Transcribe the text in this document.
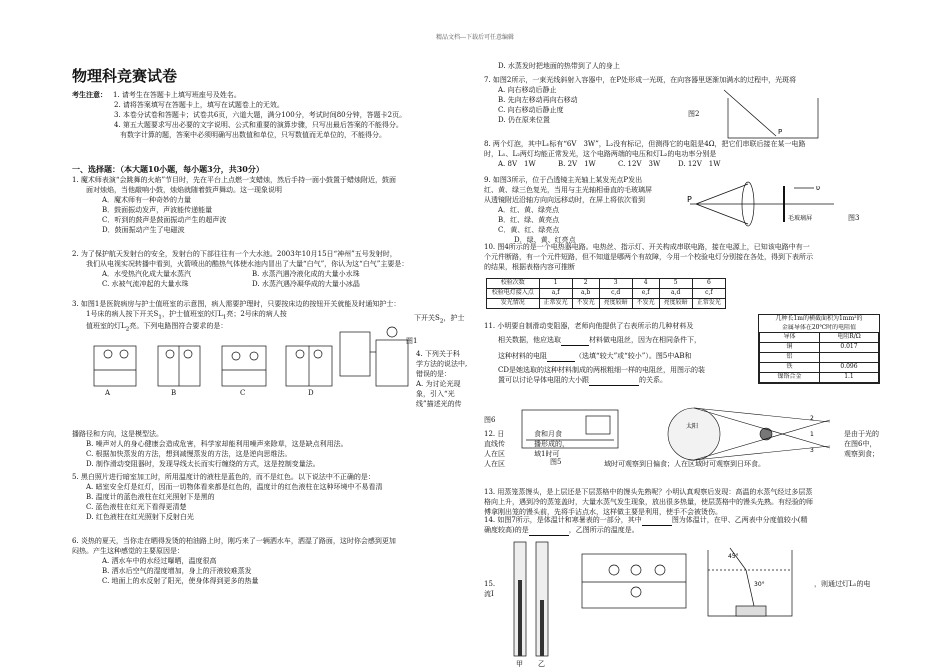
精品文档---下载后可任意编辑
物理科竞赛试卷
考生注意： 1. 请考生在答题卡上填写班座号及姓名。
2. 请将答案填写在答题卡上，填写在试题卷上的无效。
3. 本卷分试卷和答题卡；试卷共6页，六道大题，满分100分，考试时间80分钟，答题卡2页。
4. 第五大题要求写出必要的文字说明、公式和重要的演算步骤，只写出最后答案的不能得分。
有数字计算的题，答案中必须明确写出数值和单位，只写数值而无单位的，不能得分。
一、选择题：（本大题10小题，每小题3分，共30分）
1. 魔术师表演“会跳舞的火焰”节目时，先在平台上点燃一支蜡烛，然后手持一面小鼓置于蜡烛附近，鼓面
面对烛焰，当他敲响小鼓，烛焰就随着鼓声舞动。这一现象说明
A．魔术师有一种奇妙的力量
B．鼓面振动发声，声波能传递能量
C．听到的鼓声是鼓面振动产生的超声波
D．鼓面振动产生了电磁波
2. 为了保护航天发射台的安全，发射台的下部往往有一个大水池。2003年10月15日“神州”五号发射时，
我们从电视实况转播中看到，火箭喷出的酷热气体使水池内冒出了大量“白气”，你认为这“白气”主要是：
A．水受热汽化成大量水蒸汽	B. 水蒸汽遇冷液化成的大量小水珠
C. 水被气流冲起的大量水珠	D. 水蒸汽遇冷凝华成的大量小冰晶
3. 如图1是医院病房与护士值班室的示意图，病人需要护理时，只要按床边的按钮开关就能及时通知护士：
1号床的病人按下开关$S_1$，护士值班室的灯$L_1$亮；2号床的病人按
值班室的灯$L_2$亮。下列电路图符合要求的是：
下开关$S_2$，护士
A	B	C	D
图1
4. 下列关于科
学方法的说法中,
错误的是：
A. 为讨论光现
象，引入“光
线”描述光的传
播路径和方向，这是模型法。
B. 噪声对人的身心健康会造成危害，科学家却能利用噪声来除草，这是缺点利用法。
C. 根据加快蒸发的方法，想到减慢蒸发的方法，这是逆向思维法。
D. 制作滑动变阻器时，发现导线太长而实行缠绕的方式，这是控制变量法。
5. 黑白照片进行暗室加工时，所用温度计的液柱是蓝色的，而不是红色。以下说法中不正确的是：
A. 暗室安全灯是红灯，因而一切物体看来都是红色的，温度计的红色液柱在这种环境中不易看清
B. 温度计的蓝色液柱在红光照射下是黑的
C. 蓝色液柱在红光下看得更清楚
D. 红色液柱在红光照射下反射白光
6. 炎热的夏天，当你走在晒得发烫的柏油路上时，刚巧来了一辆洒水车，洒湿了路面，这时你会感到更加
闷热。产生这种感觉的主要原因是：
A. 洒水车中的水经过曝晒，温度很高
B. 洒水后空气的湿度增加，身上的汗液较难蒸发
C. 地面上的水反射了阳光，使身体得到更多的热量
D. 水蒸发时把地面的热带到了人的身上
7. 如图2所示，一束光线斜射入容器中，在P处形成一光斑，在向容器里逐渐加满水的过程中，光斑将
A. 向右移动后静止
B. 先向左移动再向右移动
C. 向右移动后静止度
D. 仍在原来位置
图2
P
8. 两个灯泡，其中L₁标有“6V　3W”，L₂没有标记，但测得它的电阻是4Ω，把它们串联后接在某一电路
时，L₁、L₂两灯均能正常发光，这个电路两端的电压和灯L₂的电功率分别是
A. 8V　1W	B. 2V　1W	C. 12V　3W	D. 12V　1W
9. 如图3所示，位于凸透镜主光轴上某发光点P发出
红、黄、绿三色复光，当用与主光轴相垂直的毛玻璃屏
从透镜附近沿轴方向向远移动时，在屏上将依次看到
A．红、黄、绿亮点
B．红、绿、黄亮点
C．黄、红、绿亮点
D．绿、黄、红亮点
P
υ
毛玻璃屏	图3
10. 图4所示的是一个电热器电路。电热丝、指示灯、开关构成串联电路，接在电源上，已知该电路中有一
个元件断路，有一个元件短路，但不知道是哪两个有故障，今用一个校验电灯分别接在各处，得到下表所示
的结果，根据表格内容可推断
校验次数	1	2	3	4	5	6
校验电灯接入点	a,f	a,b	c,d	e,f	a,d	c,f
发光情况	正常发光	不发光	亮度较暗	不发光	亮度较暗	正常发光
11. 小明要自制滑动变阻器，老师向他提供了右表所示的几种材料及
相关数据，他应选取	材料做电阻丝，因为在相同条件下，
这种材料的电阻	（选填“较大”或“较小”）。图5中AB和
CD是她选取的这种材料制成的两根粗细一样的电阻丝，用图示的装
置可以讨论导体电阻的大小跟	的关系。
几种长1m的横截面积为1mm²的
金属导体在20℃时的电阻值
导体	电阻R/Ω
铜	0.017
铝	
铁	0.096
镍铬合金	1.1
图6
图5
太阳
1
2
3
12. 日	食和月食	是由于光的
直线传	播形成的，	在图6中，
人在区	域1时可	观察到食；
人在区	域时可观察到日偏食；人在区域时可观察到日环食。
13. 用蒸笼蒸馒头，是上层还是下层蒸格中的馒头先熟呢？小明认真观察后发现：高温的水蒸气经过多层蒸
格向上升，遇到冷的蒸笼盖时，大量水蒸气发生现象，放出很多热量，使层蒸格中的馒头先熟。有经验的师
傅拿刚出笼的馒头前，先将手沾点水，这样做主要是利用，使手不会被烫伤。
14. 如图7所示，是体温计和寒暑表的一部分，其中	图为体温计，在甲、乙两表中分度值较小(精
确度较高)的是	，乙图所示的温度是。
甲 乙
15.
流I
45°
30°	，则通过灯L₁的电
